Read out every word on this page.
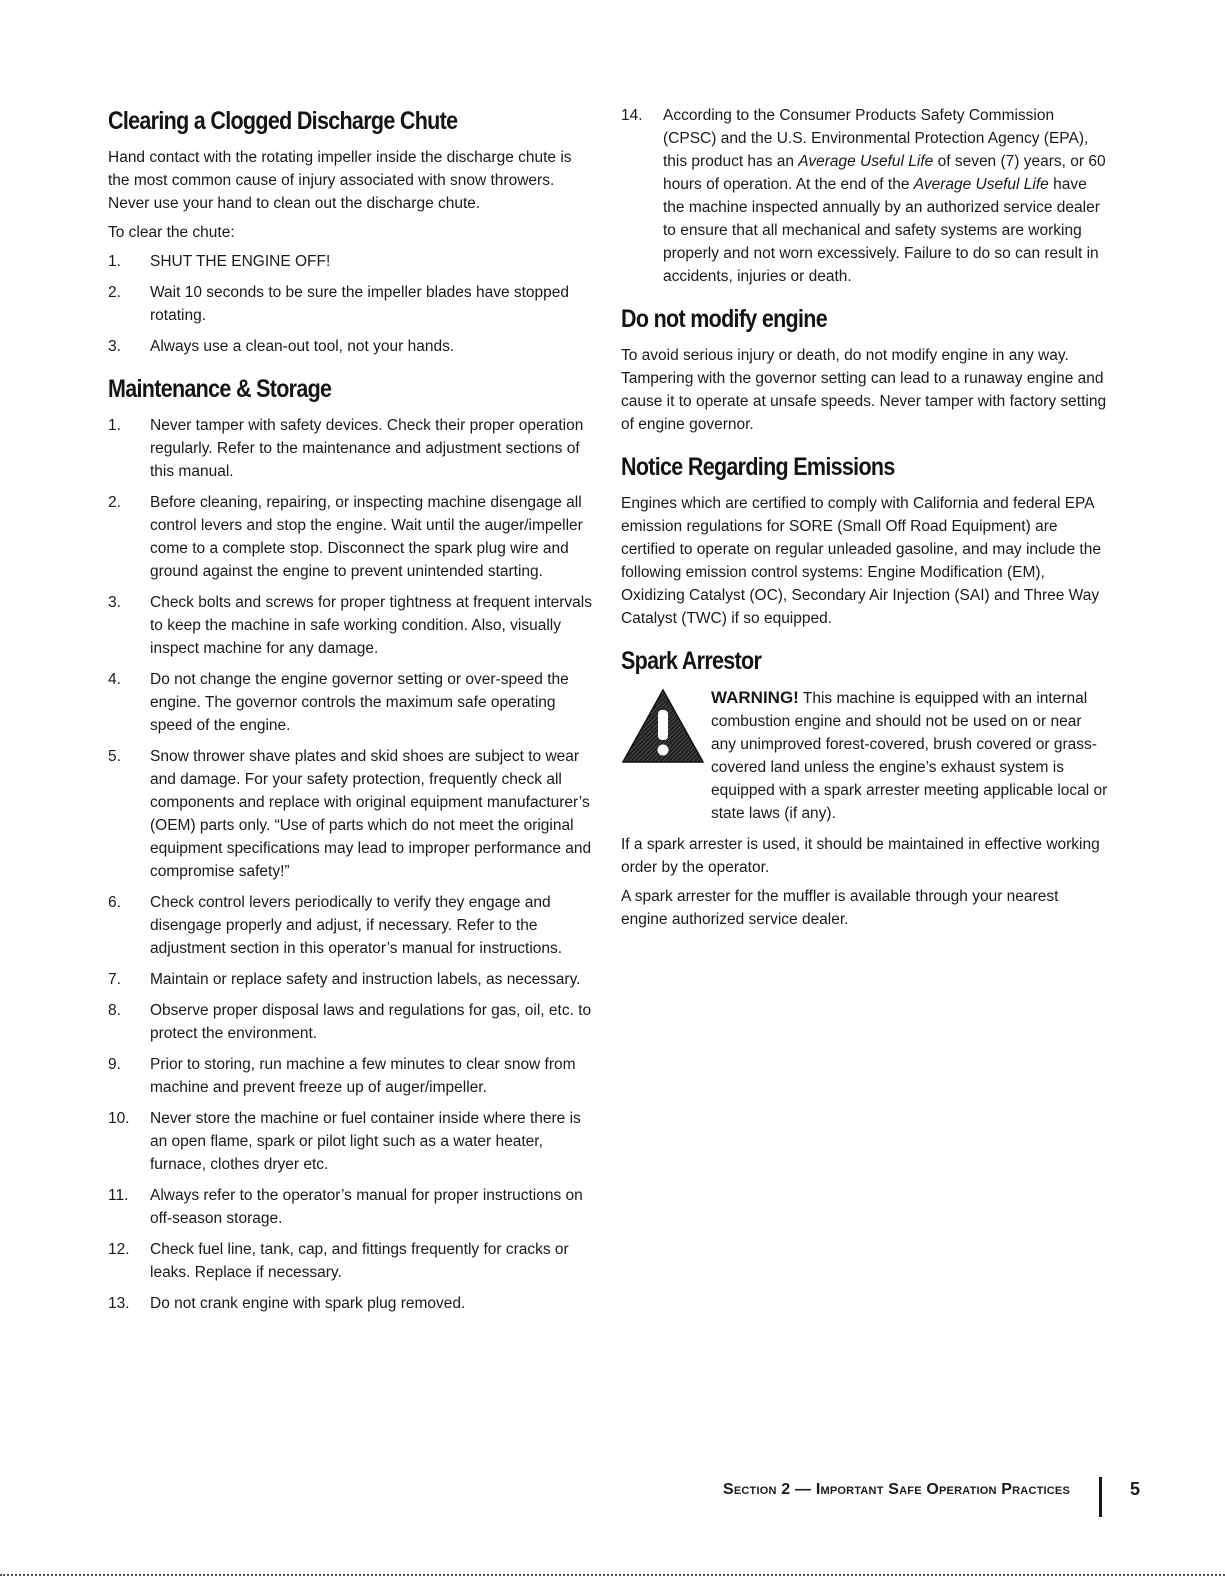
Clearing a Clogged Discharge Chute

Hand contact with the rotating impeller inside the discharge chute is the most common cause of injury associated with snow throwers. Never use your hand to clean out the discharge chute.

To clear the chute:

1. SHUT THE ENGINE OFF!
2. Wait 10 seconds to be sure the impeller blades have stopped rotating.
3. Always use a clean-out tool, not your hands.
Maintenance & Storage
1. Never tamper with safety devices. Check their proper operation regularly. Refer to the maintenance and adjustment sections of this manual.
2. Before cleaning, repairing, or inspecting machine disengage all control levers and stop the engine. Wait until the auger/impeller come to a complete stop. Disconnect the spark plug wire and ground against the engine to prevent unintended starting.
3. Check bolts and screws for proper tightness at frequent intervals to keep the machine in safe working condition. Also, visually inspect machine for any damage.
4. Do not change the engine governor setting or over-speed the engine. The governor controls the maximum safe operating speed of the engine.
5. Snow thrower shave plates and skid shoes are subject to wear and damage. For your safety protection, frequently check all components and replace with original equipment manufacturer’s (OEM) parts only. “Use of parts which do not meet the original equipment specifications may lead to improper performance and compromise safety!”
6. Check control levers periodically to verify they engage and disengage properly and adjust, if necessary. Refer to the adjustment section in this operator’s manual for instructions.
7. Maintain or replace safety and instruction labels, as necessary.
8. Observe proper disposal laws and regulations for gas, oil, etc. to protect the environment.
9. Prior to storing, run machine a few minutes to clear snow from machine and prevent freeze up of auger/impeller.
10. Never store the machine or fuel container inside where there is an open flame, spark or pilot light such as a water heater, furnace, clothes dryer etc.
11. Always refer to the operator’s manual for proper instructions on off-season storage.
12. Check fuel line, tank, cap, and fittings frequently for cracks or leaks. Replace if necessary.
13. Do not crank engine with spark plug removed.
14. According to the Consumer Products Safety Commission (CPSC) and the U.S. Environmental Protection Agency (EPA), this product has an Average Useful Life of seven (7) years, or 60 hours of operation. At the end of the Average Useful Life have the machine inspected annually by an authorized service dealer to ensure that all mechanical and safety systems are working properly and not worn excessively. Failure to do so can result in accidents, injuries or death.
Do not modify engine

To avoid serious injury or death, do not modify engine in any way. Tampering with the governor setting can lead to a runaway engine and cause it to operate at unsafe speeds. Never tamper with factory setting of engine governor.

Notice Regarding Emissions

Engines which are certified to comply with California and federal EPA emission regulations for SORE (Small Off Road Equipment) are certified to operate on regular unleaded gasoline, and may include the following emission control systems: Engine Modification (EM), Oxidizing Catalyst (OC), Secondary Air Injection (SAI) and Three Way Catalyst (TWC) if so equipped.

Spark Arrestor

WARNING! This machine is equipped with an internal combustion engine and should not be used on or near any unimproved forest-covered, brush covered or grass-covered land unless the engine’s exhaust system is equipped with a spark arrester meeting applicable local or state laws (if any).

If a spark arrester is used, it should be maintained in effective working order by the operator.

A spark arrester for the muffler is available through your nearest engine authorized service dealer.

Section 2 — Important Safe Operation Practices	5
